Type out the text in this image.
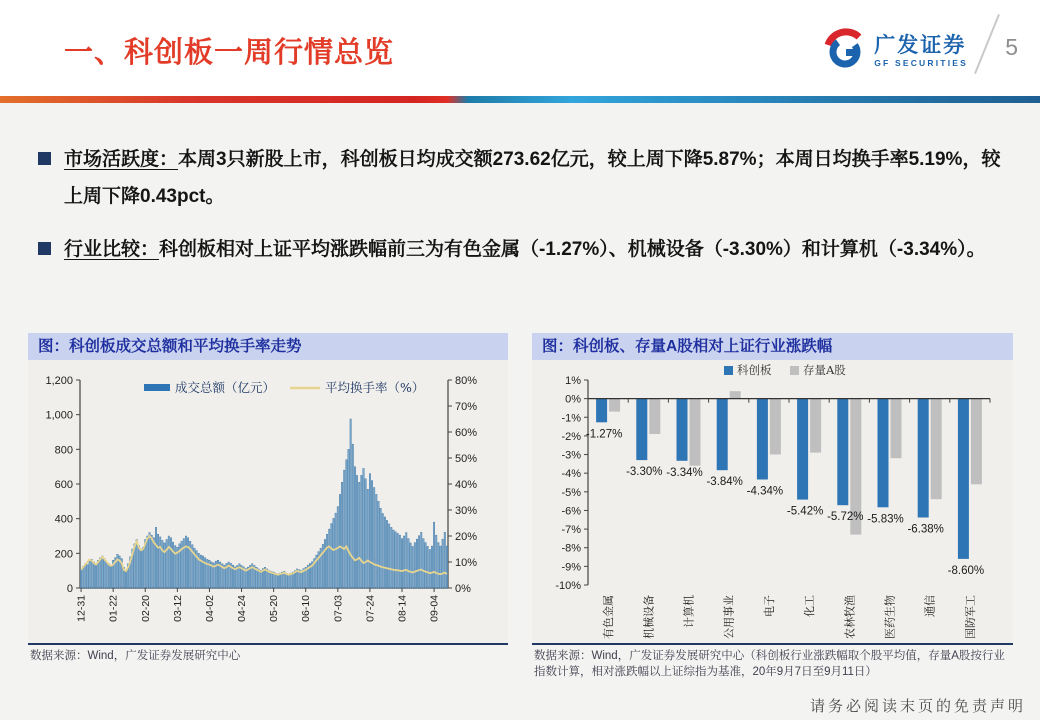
一、科创板一周行情总览	广发证券
GF SECURITIES
5

市场活跃度：本周3只新股上市，科创板日均成交额273.62亿元，较上周下降5.87%；本周日均换手率5.19%，较上周下降0.43pct。

行业比较：科创板相对上证平均涨跌幅前三为有色金属（-1.27%）、机械设备（-3.30%）和计算机（-3.34%）。

图：科创板成交总额和平均换手率走势
0
200
400
600
800
1,000
1,200
0%
10%
20%
30%
40%
50%
60%
70%
80%
12-31 01-22 02-20 03-12 04-02 04-24 05-20 06-10 07-03 07-24 08-14 09-04
成交总额（亿元）	平均换手率（%）
数据来源：Wind，广发证券发展研究中心
图：科创板、存量A股相对上证行业涨跌幅
1%
0%
-1%
-2%
-3%
-4%
-5%
-6%
-7%
-8%
-9%
-10%
-1.27%
有色金属
-3.30%
机械设备
-3.34%
计算机
-3.84%
公用事业
-4.34%
电子
-5.42%
化工
-5.72%
农林牧渔
-5.83%
医药生物
-6.38%
通信
-8.60%
国防军工
科创板	存量A股
数据来源：Wind，广发证券发展研究中心（科创板行业涨跌幅取个股平均值，存量A股按行业指数计算，相对涨跌幅以上证综指为基准，20年9月7日至9月11日）
请务必阅读末页的免责声明
